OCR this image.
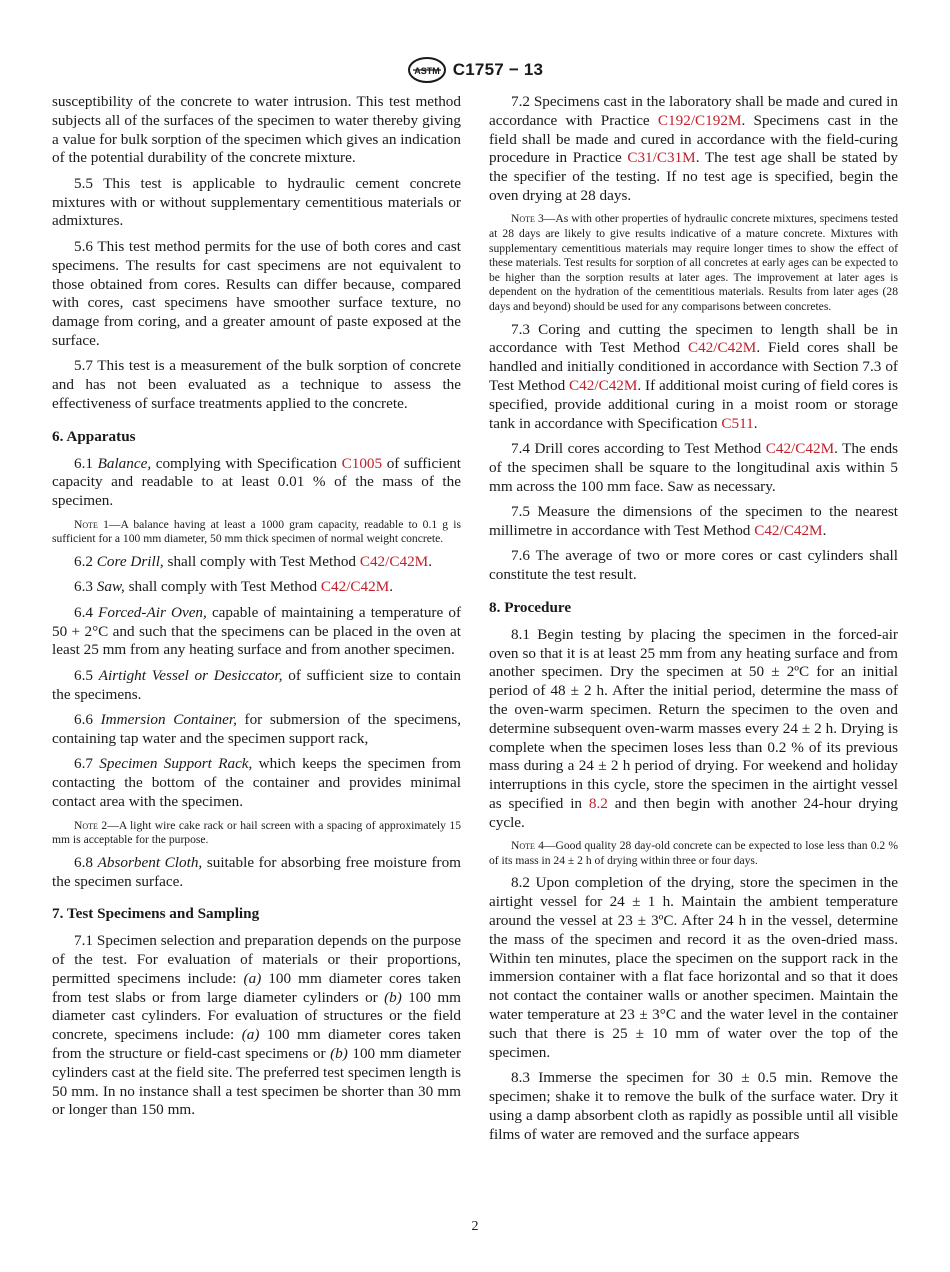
ASTM C1757 − 13

susceptibility of the concrete to water intrusion. This test method subjects all of the surfaces of the specimen to water thereby giving a value for bulk sorption of the specimen which gives an indication of the potential durability of the concrete mixture.

5.5 This test is applicable to hydraulic cement concrete mixtures with or without supplementary cementitious materials or admixtures.

5.6 This test method permits for the use of both cores and cast specimens. The results for cast specimens are not equivalent to those obtained from cores. Results can differ because, compared with cores, cast specimens have smoother surface texture, no damage from coring, and a greater amount of paste exposed at the surface.

5.7 This test is a measurement of the bulk sorption of concrete and has not been evaluated as a technique to assess the effectiveness of surface treatments applied to the concrete.

6. Apparatus

6.1 Balance, complying with Specification C1005 of sufficient capacity and readable to at least 0.01 % of the mass of the specimen.

Note 1—A balance having at least a 1000 gram capacity, readable to 0.1 g is sufficient for a 100 mm diameter, 50 mm thick specimen of normal weight concrete.

6.2 Core Drill, shall comply with Test Method C42/C42M.

6.3 Saw, shall comply with Test Method C42/C42M.

6.4 Forced-Air Oven, capable of maintaining a temperature of 50 + 2°C and such that the specimens can be placed in the oven at least 25 mm from any heating surface and from another specimen.

6.5 Airtight Vessel or Desiccator, of sufficient size to contain the specimens.

6.6 Immersion Container, for submersion of the specimens, containing tap water and the specimen support rack,

6.7 Specimen Support Rack, which keeps the specimen from contacting the bottom of the container and provides minimal contact area with the specimen.

Note 2—A light wire cake rack or hail screen with a spacing of approximately 15 mm is acceptable for the purpose.

6.8 Absorbent Cloth, suitable for absorbing free moisture from the specimen surface.

7. Test Specimens and Sampling

7.1 Specimen selection and preparation depends on the purpose of the test. For evaluation of materials or their proportions, permitted specimens include: (a) 100 mm diameter cores taken from test slabs or from large diameter cylinders or (b) 100 mm diameter cast cylinders. For evaluation of structures or the field concrete, specimens include: (a) 100 mm diameter cores taken from the structure or field-cast specimens or (b) 100 mm diameter cylinders cast at the field site. The preferred test specimen length is 50 mm. In no instance shall a test specimen be shorter than 30 mm or longer than 150 mm.

7.2 Specimens cast in the laboratory shall be made and cured in accordance with Practice C192/C192M. Specimens cast in the field shall be made and cured in accordance with the field-curing procedure in Practice C31/C31M. The test age shall be stated by the specifier of the testing. If no test age is specified, begin the oven drying at 28 days.

Note 3—As with other properties of hydraulic concrete mixtures, specimens tested at 28 days are likely to give results indicative of a mature concrete. Mixtures with supplementary cementitious materials may require longer times to show the effect of these materials. Test results for sorption of all concretes at early ages can be expected to be higher than the sorption results at later ages. The improvement at later ages is dependent on the hydration of the cementitious materials. Results from later ages (28 days and beyond) should be used for any comparisons between concretes.

7.3 Coring and cutting the specimen to length shall be in accordance with Test Method C42/C42M. Field cores shall be handled and initially conditioned in accordance with Section 7.3 of Test Method C42/C42M. If additional moist curing of field cores is specified, provide additional curing in a moist room or storage tank in accordance with Specification C511.

7.4 Drill cores according to Test Method C42/C42M. The ends of the specimen shall be square to the longitudinal axis within 5 mm across the 100 mm face. Saw as necessary.

7.5 Measure the dimensions of the specimen to the nearest millimetre in accordance with Test Method C42/C42M.

7.6 The average of two or more cores or cast cylinders shall constitute the test result.

8. Procedure

8.1 Begin testing by placing the specimen in the forced-air oven so that it is at least 25 mm from any heating surface and from another specimen. Dry the specimen at 50 ± 2ºC for an initial period of 48 ± 2 h. After the initial period, determine the mass of the oven-warm specimen. Return the specimen to the oven and determine subsequent oven-warm masses every 24 ± 2 h. Drying is complete when the specimen loses less than 0.2 % of its previous mass during a 24 ± 2 h period of drying. For weekend and holiday interruptions in this cycle, store the specimen in the airtight vessel as specified in 8.2 and then begin with another 24-hour drying cycle.

Note 4—Good quality 28 day-old concrete can be expected to lose less than 0.2 % of its mass in 24 ± 2 h of drying within three or four days.

8.2 Upon completion of the drying, store the specimen in the airtight vessel for 24 ± 1 h. Maintain the ambient temperature around the vessel at 23 ± 3ºC. After 24 h in the vessel, determine the mass of the specimen and record it as the oven-dried mass. Within ten minutes, place the specimen on the support rack in the immersion container with a flat face horizontal and so that it does not contact the container walls or another specimen. Maintain the water temperature at 23 ± 3°C and the water level in the container such that there is 25 ± 10 mm of water over the top of the specimen.

8.3 Immerse the specimen for 30 ± 0.5 min. Remove the specimen; shake it to remove the bulk of the surface water. Dry it using a damp absorbent cloth as rapidly as possible until all visible films of water are removed and the surface appears

2
